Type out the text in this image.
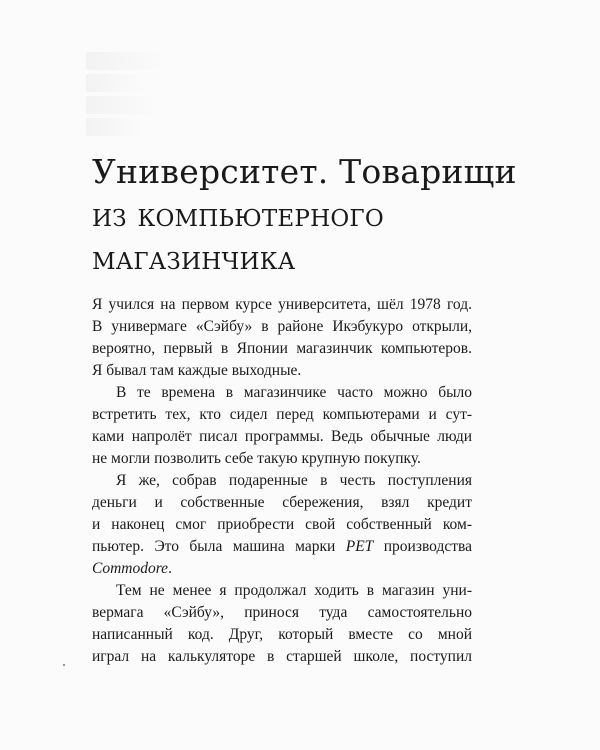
Университет. Товарищи
из компьютерного
магазинчика

Я учился на первом курсе университета, шёл 1978 год.
В универмаге «Сэйбу» в районе Икэбукуро открыли,
вероятно, первый в Японии магазинчик компьютеров.
Я бывал там каждые выходные.

В те времена в магазинчике часто можно было
встретить тех, кто сидел перед компьютерами и сут-
ками напролёт писал программы. Ведь обычные люди
не могли позволить себе такую крупную покупку.

Я же, собрав подаренные в честь поступления
деньги и собственные сбережения, взял кредит
и наконец смог приобрести свой собственный ком-
пьютер. Это была машина марки PET производства
Commodore.

Тем не менее я продолжал ходить в магазин уни-
вермага «Сэйбу», принося туда самостоятельно
написанный код. Друг, который вместе со мной
играл на калькуляторе в старшей школе, поступил
